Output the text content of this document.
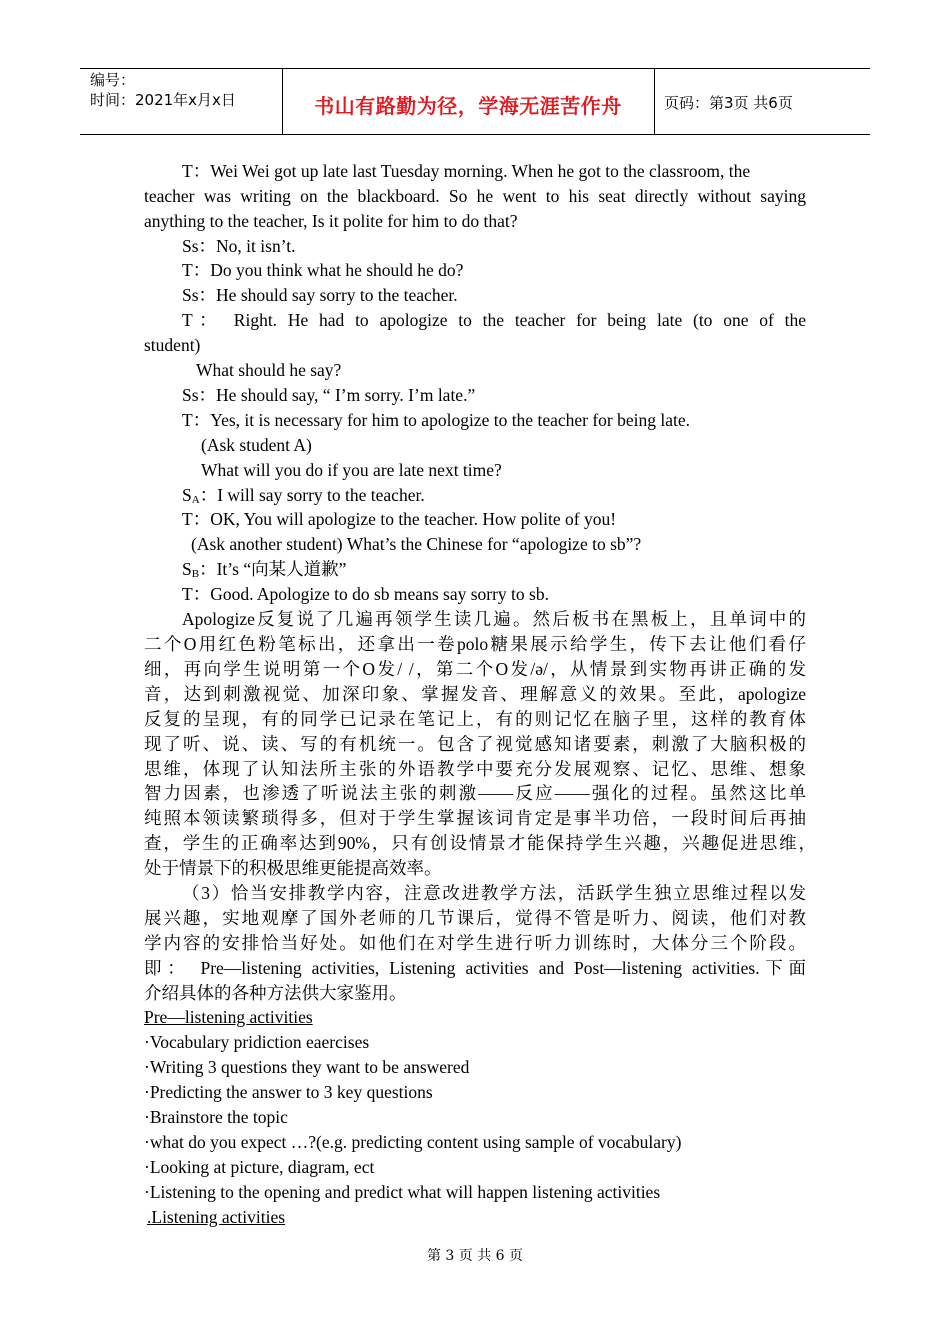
编号：
时间：2021年x月x日	书山有路勤为径，学海无涯苦作舟	页码：第3页 共6页
T：Wei Wei got up late last Tuesday morning. When he got to the classroom, the
teacher was writing on the blackboard. So he went to his seat directly without saying
anything to the teacher, Is it polite for him to do that?
Ss：No, it isn’t.
T：Do you think what he should he do?
Ss：He should say sorry to the teacher.
T： Right. He had to apologize to the teacher for being late (to one of the
student)
What should he say?
Ss：He should say, “ I’m sorry. I’m late.”
T：Yes, it is necessary for him to apologize to the teacher for being late.
(Ask student A)
What will you do if you are late next time?
$S_A$：I will say sorry to the teacher.
T：OK, You will apologize to the teacher. How polite of you!
(Ask another student) What’s the Chinese for “apologize to sb”?
$S_B$：It’s “向某人道歉”
T：Good. Apologize to do sb means say sorry to sb.
Apologize反复说了几遍再领学生读几遍。然后板书在黑板上，且单词中的
二个O用红色粉笔标出，还拿出一卷polo糖果展示给学生，传下去让他们看仔
细，再向学生说明第一个O发/ /，第二个O发/ә/，从情景到实物再讲正确的发
音，达到刺激视觉、加深印象、掌握发音、理解意义的效果。至此，apologize
反复的呈现，有的同学已记录在笔记上，有的则记忆在脑子里，这样的教育体
现了听、说、读、写的有机统一。包含了视觉感知诸要素，刺激了大脑积极的
思维，体现了认知法所主张的外语教学中要充分发展观察、记忆、思维、想象
智力因素，也渗透了听说法主张的刺激——反应——强化的过程。虽然这比单
纯照本领读繁琐得多，但对于学生掌握该词肯定是事半功倍，一段时间后再抽
查，学生的正确率达到90%，只有创设情景才能保持学生兴趣，兴趣促进思维，
处于情景下的积极思维更能提高效率。
（3）恰当安排教学内容，注意改进教学方法，活跃学生独立思维过程以发
展兴趣，实地观摩了国外老师的几节课后，觉得不管是听力、阅读，他们对教
学内容的安排恰当好处。如他们在对学生进行听力训练时，大体分三个阶段。
即： Pre—listening activities, Listening activities and Post—listening activities.下面
介绍具体的各种方法供大家鉴用。
Pre—listening activities
·Vocabulary pridiction eaercises
·Writing 3 questions they want to be answered
·Predicting the answer to 3 key questions
·Brainstore the topic
·what do you expect …?(e.g. predicting content using sample of vocabulary)
·Looking at picture, diagram, ect
·Listening to the opening and predict what will happen listening activities
.Listening activities
第 3 页 共 6 页
